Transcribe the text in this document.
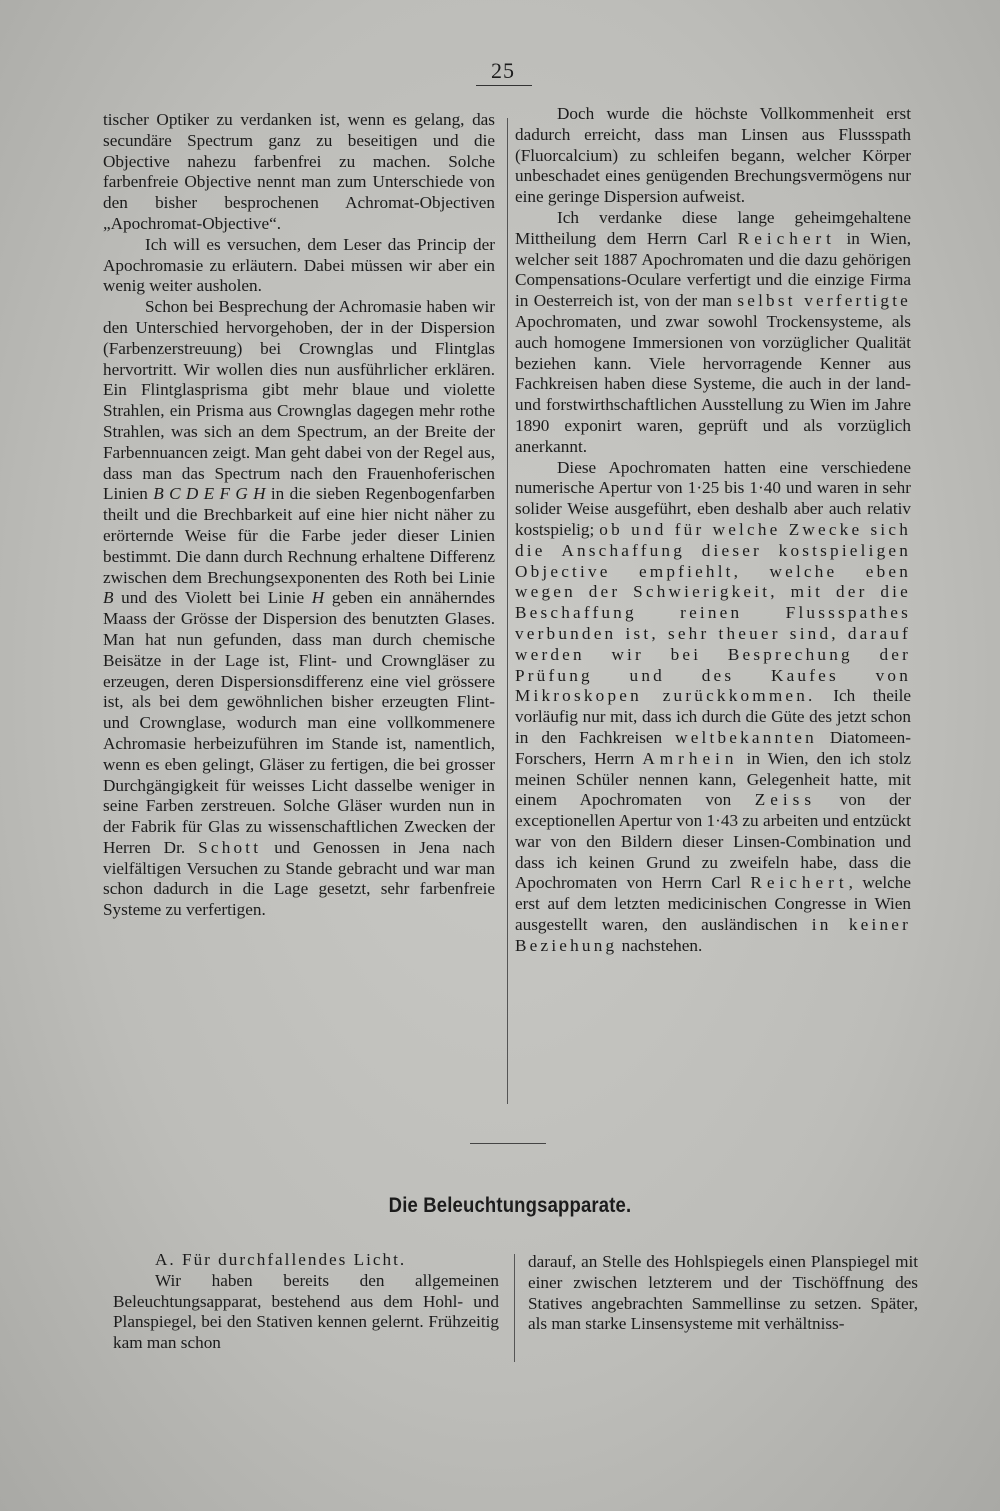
25

tischer Optiker zu verdanken ist, wenn es gelang, das secundäre Spectrum ganz zu beseitigen und die Objective nahezu farbenfrei zu machen. Solche farbenfreie Objective nennt man zum Unterschiede von den bisher besprochenen Achromat-Objectiven „Apochromat-Objective“.

Ich will es versuchen, dem Leser das Princip der Apochromasie zu erläutern. Dabei müssen wir aber ein wenig weiter ausholen.

Schon bei Besprechung der Achromasie haben wir den Unterschied hervorgehoben, der in der Dispersion (Farbenzerstreuung) bei Crownglas und Flintglas hervortritt. Wir wollen dies nun ausführlicher erklären. Ein Flintglasprisma gibt mehr blaue und violette Strahlen, ein Prisma aus Crownglas dagegen mehr rothe Strahlen, was sich an dem Spectrum, an der Breite der Farbennuancen zeigt. Man geht dabei von der Regel aus, dass man das Spectrum nach den Frauenhoferischen Linien B C D E F G H in die sieben Regenbogenfarben theilt und die Brechbarkeit auf eine hier nicht näher zu erörternde Weise für die Farbe jeder dieser Linien bestimmt. Die dann durch Rechnung erhaltene Differenz zwischen dem Brechungsexponenten des Roth bei Linie B und des Violett bei Linie H geben ein annäherndes Maass der Grösse der Dispersion des benutzten Glases. Man hat nun gefunden, dass man durch chemische Beisätze in der Lage ist, Flint- und Crowngläser zu erzeugen, deren Dispersionsdifferenz eine viel grössere ist, als bei dem gewöhnlichen bisher erzeugten Flint- und Crownglase, wodurch man eine vollkommenere Achromasie herbeizuführen im Stande ist, namentlich, wenn es eben gelingt, Gläser zu fertigen, die bei grosser Durchgängigkeit für weisses Licht dasselbe weniger in seine Farben zerstreuen. Solche Gläser wurden nun in der Fabrik für Glas zu wissenschaftlichen Zwecken der Herren Dr. Schott und Genossen in Jena nach vielfältigen Versuchen zu Stande gebracht und war man schon dadurch in die Lage gesetzt, sehr farbenfreie Systeme zu verfertigen.

Doch wurde die höchste Vollkommenheit erst dadurch erreicht, dass man Linsen aus Flussspath (Fluorcalcium) zu schleifen begann, welcher Körper unbeschadet eines genügenden Brechungsvermögens nur eine geringe Dispersion aufweist.

Ich verdanke diese lange geheimgehaltene Mittheilung dem Herrn Carl Reichert in Wien, welcher seit 1887 Apochromaten und die dazu gehörigen Compensations-Oculare verfertigt und die einzige Firma in Oesterreich ist, von der man selbst verfertigte Apochromaten, und zwar sowohl Trockensysteme, als auch homogene Immersionen von vorzüglicher Qualität beziehen kann. Viele hervorragende Kenner aus Fachkreisen haben diese Systeme, die auch in der land- und forstwirthschaftlichen Ausstellung zu Wien im Jahre 1890 exponirt waren, geprüft und als vorzüglich anerkannt.

Diese Apochromaten hatten eine verschiedene numerische Apertur von 1·25 bis 1·40 und waren in sehr solider Weise ausgeführt, eben deshalb aber auch relativ kostspielig; ob und für welche Zwecke sich die Anschaffung dieser kostspieligen Objective empfiehlt, welche eben wegen der Schwierigkeit, mit der die Beschaffung reinen Flussspathes verbunden ist, sehr theuer sind, darauf werden wir bei Besprechung der Prüfung und des Kaufes von Mikroskopen zurückkommen. Ich theile vorläufig nur mit, dass ich durch die Güte des jetzt schon in den Fachkreisen weltbekannten Diatomeen-Forschers, Herrn Amrhein in Wien, den ich stolz meinen Schüler nennen kann, Gelegenheit hatte, mit einem Apochromaten von Zeiss von der exceptionellen Apertur von 1·43 zu arbeiten und entzückt war von den Bildern dieser Linsen-Combination und dass ich keinen Grund zu zweifeln habe, dass die Apochromaten von Herrn Carl Reichert, welche erst auf dem letzten medicinischen Congresse in Wien ausgestellt waren, den ausländischen in keiner Beziehung nachstehen.

Die Beleuchtungsapparate.

A. Für durchfallendes Licht.

Wir haben bereits den allgemeinen Beleuchtungsapparat, bestehend aus dem Hohl- und Planspiegel, bei den Stativen kennen gelernt. Frühzeitig kam man schon

darauf, an Stelle des Hohlspiegels einen Planspiegel mit einer zwischen letzterem und der Tischöffnung des Statives angebrachten Sammellinse zu setzen. Später, als man starke Linsensysteme mit verhältniss-
